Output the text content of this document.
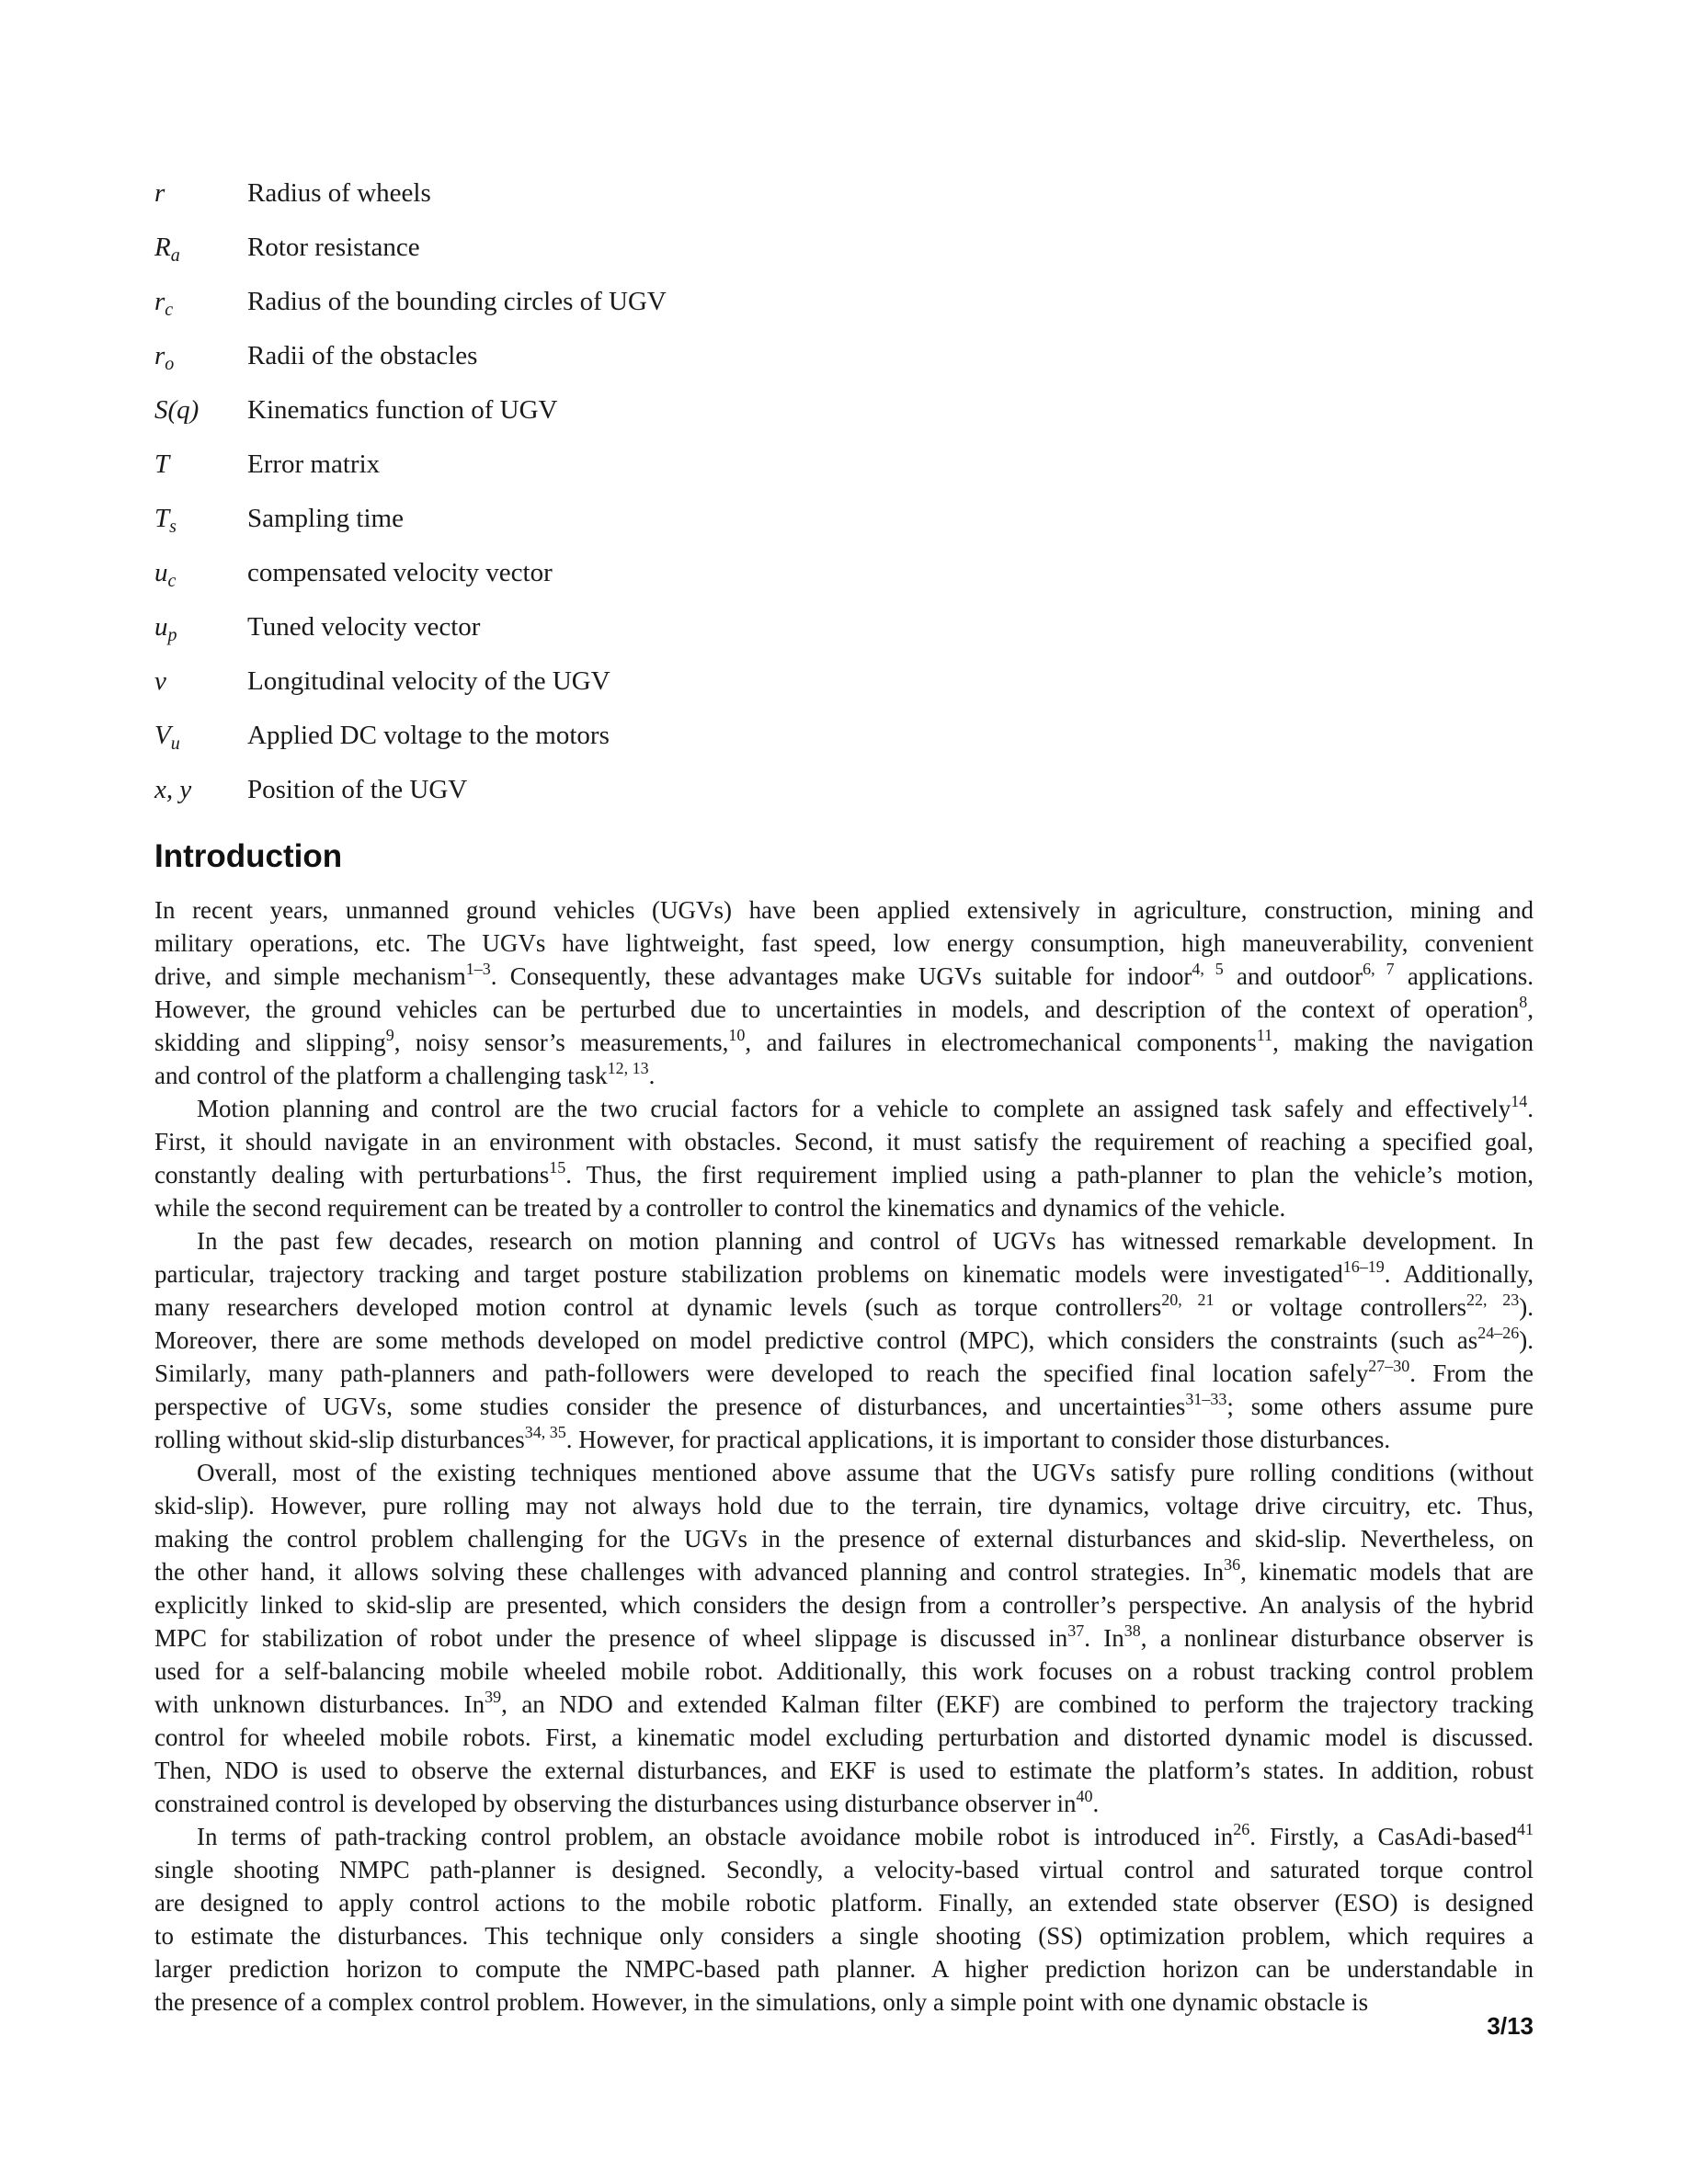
r	Radius of wheels
$R_a$	Rotor resistance
$r_c$	Radius of the bounding circles of UGV
$r_o$	Radii of the obstacles
S(q)	Kinematics function of UGV
T	Error matrix
$T_s$	Sampling time
$u_c$	compensated velocity vector
$u_p$	Tuned velocity vector
v	Longitudinal velocity of the UGV
$V_u$	Applied DC voltage to the motors
x, y	Position of the UGV
Introduction
In recent years, unmanned ground vehicles (UGVs) have been applied extensively in agriculture, construction, mining and
military operations, etc. The UGVs have lightweight, fast speed, low energy consumption, high maneuverability, convenient
drive, and simple mechanism$^{1-3}$. Consequently, these advantages make UGVs suitable for indoor$^{4, 5}$ and outdoor$^{6, 7}$ applications.
However, the ground vehicles can be perturbed due to uncertainties in models, and description of the context of operation$^8$,
skidding and slipping$^9$, noisy sensor’s measurements,$^{10}$, and failures in electromechanical components$^{11}$, making the navigation
and control of the platform a challenging task$^{12, 13}$.
Motion planning and control are the two crucial factors for a vehicle to complete an assigned task safely and effectively$^{14}$.
First, it should navigate in an environment with obstacles. Second, it must satisfy the requirement of reaching a specified goal,
constantly dealing with perturbations$^{15}$. Thus, the first requirement implied using a path-planner to plan the vehicle’s motion,
while the second requirement can be treated by a controller to control the kinematics and dynamics of the vehicle.
In the past few decades, research on motion planning and control of UGVs has witnessed remarkable development. In
particular, trajectory tracking and target posture stabilization problems on kinematic models were investigated$^{16-19}$. Additionally,
many researchers developed motion control at dynamic levels (such as torque controllers$^{20, 21}$ or voltage controllers$^{22, 23}$).
Moreover, there are some methods developed on model predictive control (MPC), which considers the constraints (such $as^{24-26}$).
Similarly, many path-planners and path-followers were developed to reach the specified final location safely$^{27-30}$. From the
perspective of UGVs, some studies consider the presence of disturbances, and uncertainties$^{31-33}$; some others assume pure
rolling without skid-slip disturbances$^{34, 35}$. However, for practical applications, it is important to consider those disturbances.
Overall, most of the existing techniques mentioned above assume that the UGVs satisfy pure rolling conditions (without
skid-slip). However, pure rolling may not always hold due to the terrain, tire dynamics, voltage drive circuitry, etc. Thus,
making the control problem challenging for the UGVs in the presence of external disturbances and skid-slip. Nevertheless, on
the other hand, it allows solving these challenges with advanced planning and control strategies. In$^{36}$, kinematic models that are
explicitly linked to skid-slip are presented, which considers the design from a controller’s perspective. An analysis of the hybrid
MPC for stabilization of robot under the presence of wheel slippage is discussed $in^{37}$. In$^{38}$, a nonlinear disturbance observer is
used for a self-balancing mobile wheeled mobile robot. Additionally, this work focuses on a robust tracking control problem
with unknown disturbances. In$^{39}$, an NDO and extended Kalman filter (EKF) are combined to perform the trajectory tracking
control for wheeled mobile robots. First, a kinematic model excluding perturbation and distorted dynamic model is discussed.
Then, NDO is used to observe the external disturbances, and EKF is used to estimate the platform’s states. In addition, robust
constrained control is developed by observing the disturbances using disturbance observer $in^{40}$.
In terms of path-tracking control problem, an obstacle avoidance mobile robot is introduced $in^{26}$. Firstly, a CasAdi-based$^{41}$
single shooting NMPC path-planner is designed. Secondly, a velocity-based virtual control and saturated torque control
are designed to apply control actions to the mobile robotic platform. Finally, an extended state observer (ESO) is designed
to estimate the disturbances. This technique only considers a single shooting (SS) optimization problem, which requires a
larger prediction horizon to compute the NMPC-based path planner. A higher prediction horizon can be understandable in
the presence of a complex control problem. However, in the simulations, only a simple point with one dynamic obstacle is
3/13
